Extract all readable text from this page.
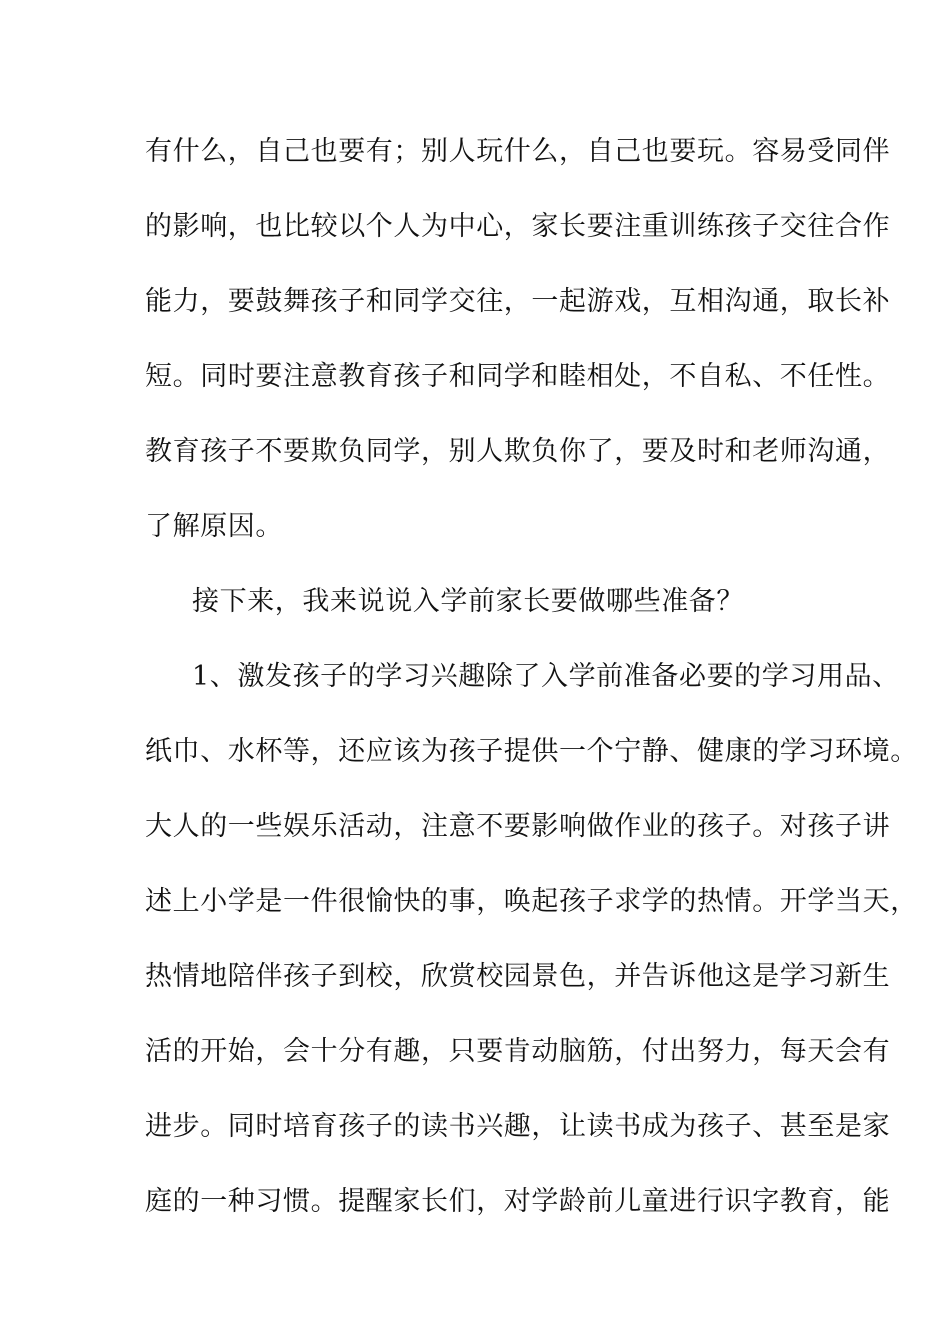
有什么，自己也要有；别人玩什么，自己也要玩。容易受同伴
的影响，也比较以个人为中心，家长要注重训练孩子交往合作
能力，要鼓舞孩子和同学交往，一起游戏，互相沟通，取长补
短。同时要注意教育孩子和同学和睦相处，不自私、不任性。
教育孩子不要欺负同学，别人欺负你了，要及时和老师沟通，
了解原因。
接下来，我来说说入学前家长要做哪些准备？
1、激发孩子的学习兴趣除了入学前准备必要的学习用品、
纸巾、水杯等，还应该为孩子提供一个宁静、健康的学习环境。
大人的一些娱乐活动，注意不要影响做作业的孩子。对孩子讲
述上小学是一件很愉快的事，唤起孩子求学的热情。开学当天，
热情地陪伴孩子到校，欣赏校园景色，并告诉他这是学习新生
活的开始，会十分有趣，只要肯动脑筋，付出努力，每天会有
进步。同时培育孩子的读书兴趣，让读书成为孩子、甚至是家
庭的一种习惯。提醒家长们，对学龄前儿童进行识字教育，能
